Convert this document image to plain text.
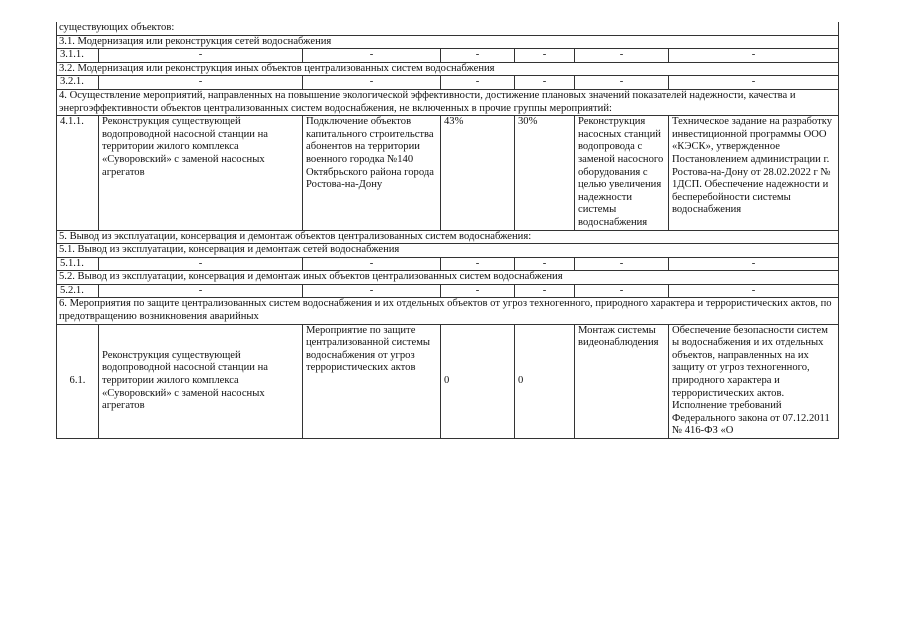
существующих объектов:						
3.1. Модернизация или реконструкция сетей водоснабжения						
3.1.1.	-	-	-	-	-	-
3.2. Модернизация или реконструкция иных объектов централизованных систем водоснабжения						
3.2.1.	-	-	-	-	-	-
4. Осуществление мероприятий, направленных на повышение экологической эффективности, достижение плановых значений показателей надежности, качества и энергоэффективности объектов централизованных систем водоснабжения, не включенных в прочие группы мероприятий:						
4.1.1.	Реконструкция существующей водопроводной насосной станции на территории жилого комплекса «Суворовский» с заменой насосных агрегатов	Подключение объектов капитального строительства абонентов на территории военного городка №140 Октябрьского района города Ростова-на-Дону	43%	30%	Реконструкция насосных станций водопровода с заменой насосного оборудования с целью увеличения надежности системы водоснабжения	Техническое задание на разработку инвестиционной программы ООО «КЭСК», утвержденное Постановлением администрации г. Ростова-на-Дону от 28.02.2022 г № 1ДСП. Обеспечение надежности и бесперебойности системы водоснабжения
5. Вывод из эксплуатации, консервация и демонтаж объектов централизованных систем водоснабжения:						
5.1. Вывод из эксплуатации, консервация и демонтаж сетей водоснабжения						
5.1.1.	-	-	-	-	-	-
5.2. Вывод из эксплуатации, консервация и демонтаж иных объектов централизованных систем водоснабжения						
5.2.1.	-	-	-	-	-	-
6. Мероприятия по защите централизованных систем водоснабжения и их отдельных объектов от угроз техногенного, природного характера и террористических актов, по предотвращению возникновения аварийных						
6.1.	Реконструкция существующей водопроводной насосной станции на территории жилого комплекса «Суворовский» с заменой насосных агрегатов	Мероприятие по защите централизованной системы водоснабжения от угроз террористических актов	0	0	Монтаж системы видеонаблюдения	Обеспечение безопасности систем ы водоснабжения и их отдельных объектов, направленных на их защиту от угроз техногенного, природного характера и террористических актов. Исполнение требований Федерального закона от 07.12.2011 № 416-ФЗ «О
